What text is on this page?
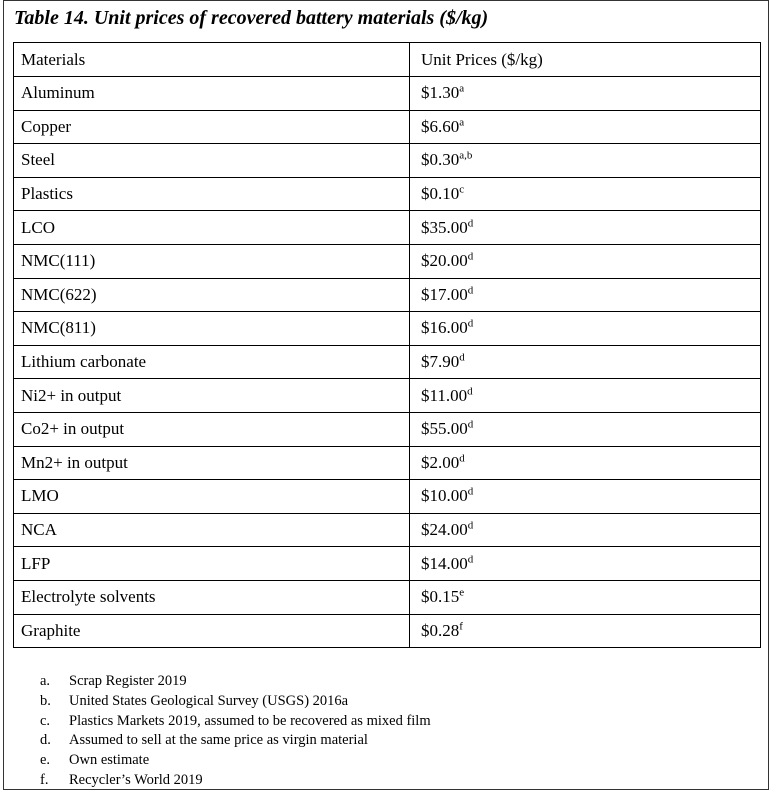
Table 14. Unit prices of recovered battery materials ($/kg)
Materials	Unit Prices ($/kg)
Aluminum	$1.30$^a$
Copper	$6.60$^a$
Steel	$0.30$^{a,b}$
Plastics	$0.10$^c$
LCO	$35.00$^d$
NMC(111)	$20.00$^d$
NMC(622)	$17.00$^d$
NMC(811)	$16.00$^d$
Lithium carbonate	$7.90$^d$
Ni2+ in output	$11.00$^d$
Co2+ in output	$55.00$^d$
Mn2+ in output	$2.00$^d$
LMO	$10.00$^d$
NCA	$24.00$^d$
LFP	$14.00$^d$
Electrolyte solvents	$0.15e
Graphite	$0.28$^f$
a.	Scrap Register 2019
b.	United States Geological Survey (USGS) 2016a
c.	Plastics Markets 2019, assumed to be recovered as mixed film
d.	Assumed to sell at the same price as virgin material
e.	Own estimate
f.	Recycler’s World 2019
